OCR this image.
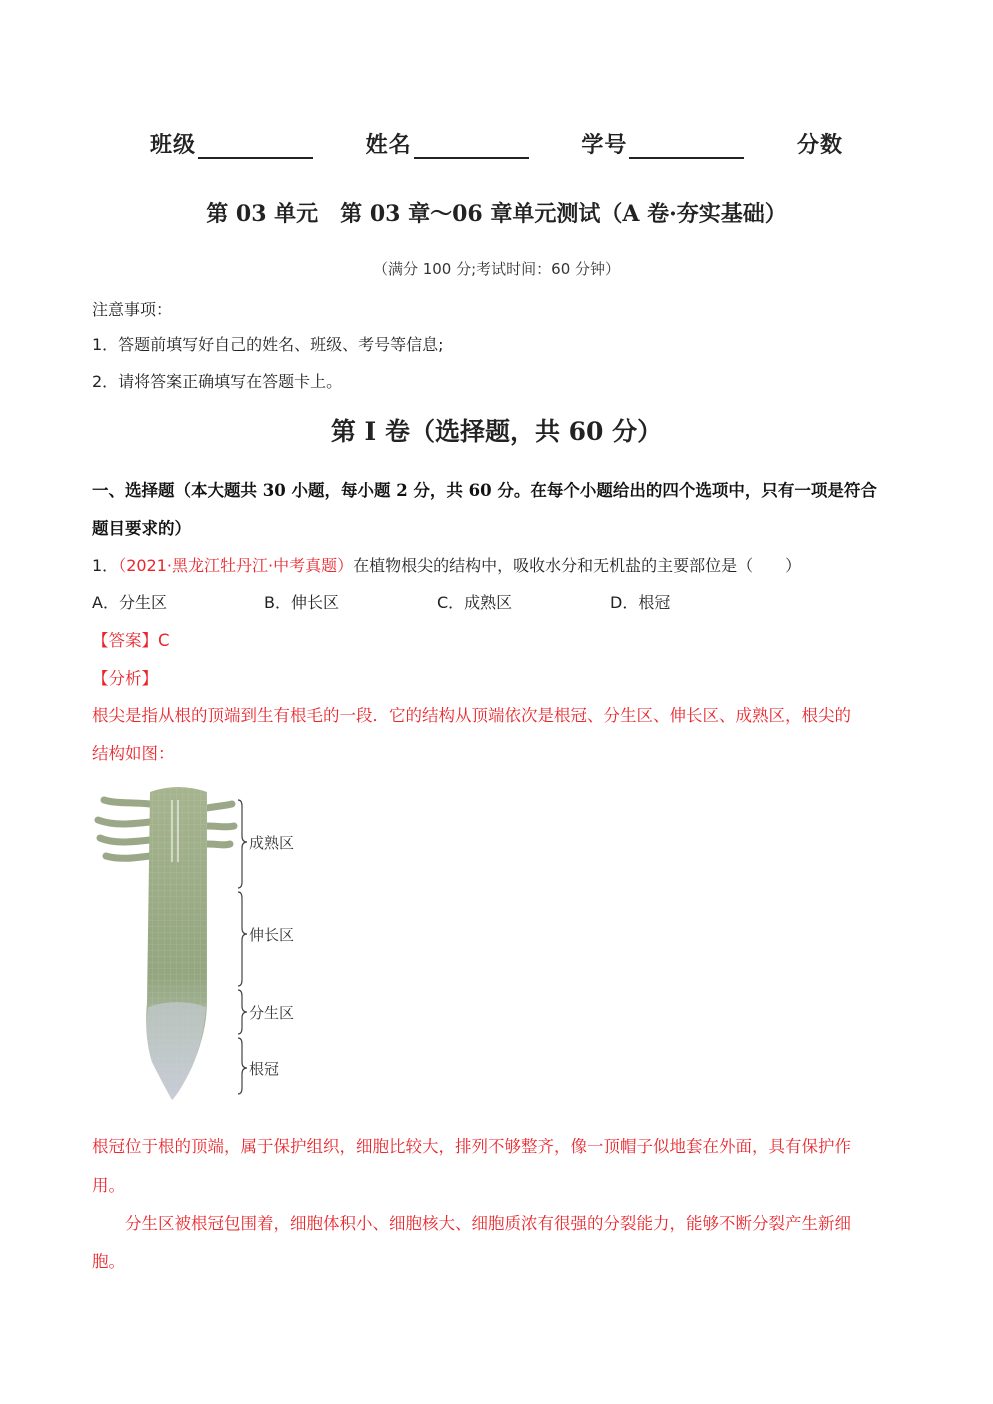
班级	姓名	学号	分数
第 03 单元　第 03 章～06 章单元测试（A 卷·夯实基础）
（满分 100 分;考试时间：60 分钟）
注意事项：
1．答题前填写好自己的姓名、班级、考号等信息;
2．请将答案正确填写在答题卡上。
第 I 卷（选择题，共 60 分）
一、选择题（本大题共 30 小题，每小题 2 分，共 60 分。在每个小题给出的四个选项中，只有一项是符合
题目要求的）
1．（2021·黑龙江牡丹江·中考真题）在植物根尖的结构中，吸收水分和无机盐的主要部位是（　　）
A．分生区	B．伸长区	C．成熟区	D．根冠
【答案】C
【分析】
根尖是指从根的顶端到生有根毛的一段．它的结构从顶端依次是根冠、分生区、伸长区、成熟区，根尖的
结构如图：
成熟区
伸长区
分生区
根冠
根冠位于根的顶端，属于保护组织，细胞比较大，排列不够整齐，像一顶帽子似地套在外面，具有保护作
用。
　　分生区被根冠包围着，细胞体积小、细胞核大、细胞质浓有很强的分裂能力，能够不断分裂产生新细
胞。
